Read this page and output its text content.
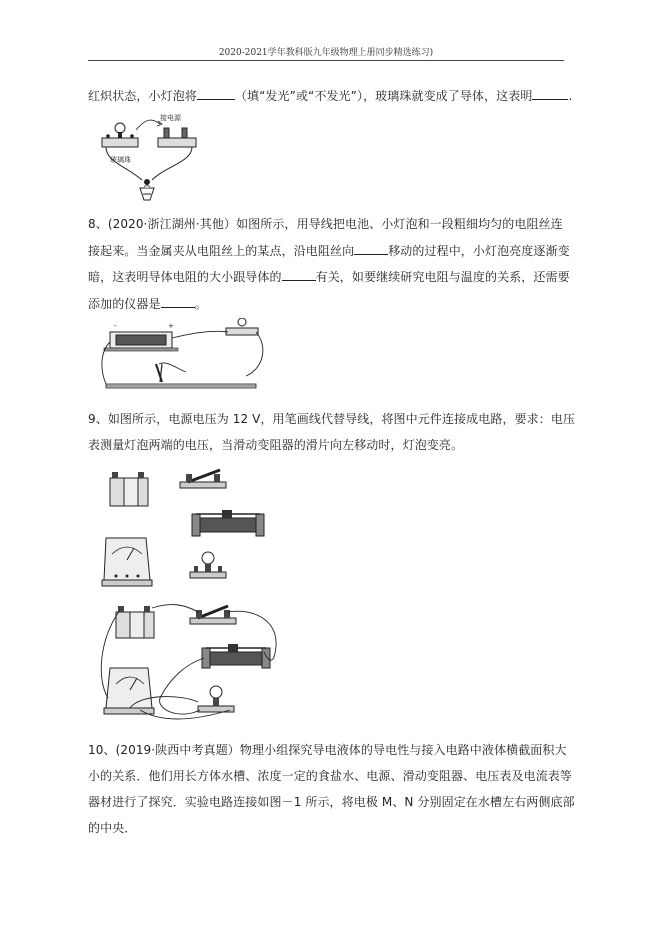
2020-2021学年教科版九年级物理上册同步精选练习)
红炽状态，小灯泡将	（填“发光”或“不发光”），玻璃珠就变成了导体，这表明	.
接电源
玻璃珠
8、(2020·浙江湖州·其他）如图所示，用导线把电池、小灯泡和一段粗细均匀的电阻丝连
接起来。当金属夹从电阻丝上的某点，沿电阻丝向	移动的过程中，小灯泡亮度逐渐变
暗，这表明导体电阻的大小跟导体的	有关，如要继续研究电阻与温度的关系，还需要
添加的仪器是	。
-	+
9、如图所示，电源电压为 12 V，用笔画线代替导线，将图中元件连接成电路，要求：电压
表测量灯泡两端的电压，当滑动变阻器的滑片向左移动时，灯泡变亮。
10、(2019·陕西中考真题）物理小组探究导电液体的导电性与接入电路中液体横截面积大
小的关系．他们用长方体水槽、浓度一定的食盐水、电源、滑动变阻器、电压表及电流表等
器材进行了探究．实验电路连接如图－1 所示，将电极 M、N 分别固定在水槽左右两侧底部
的中央．
